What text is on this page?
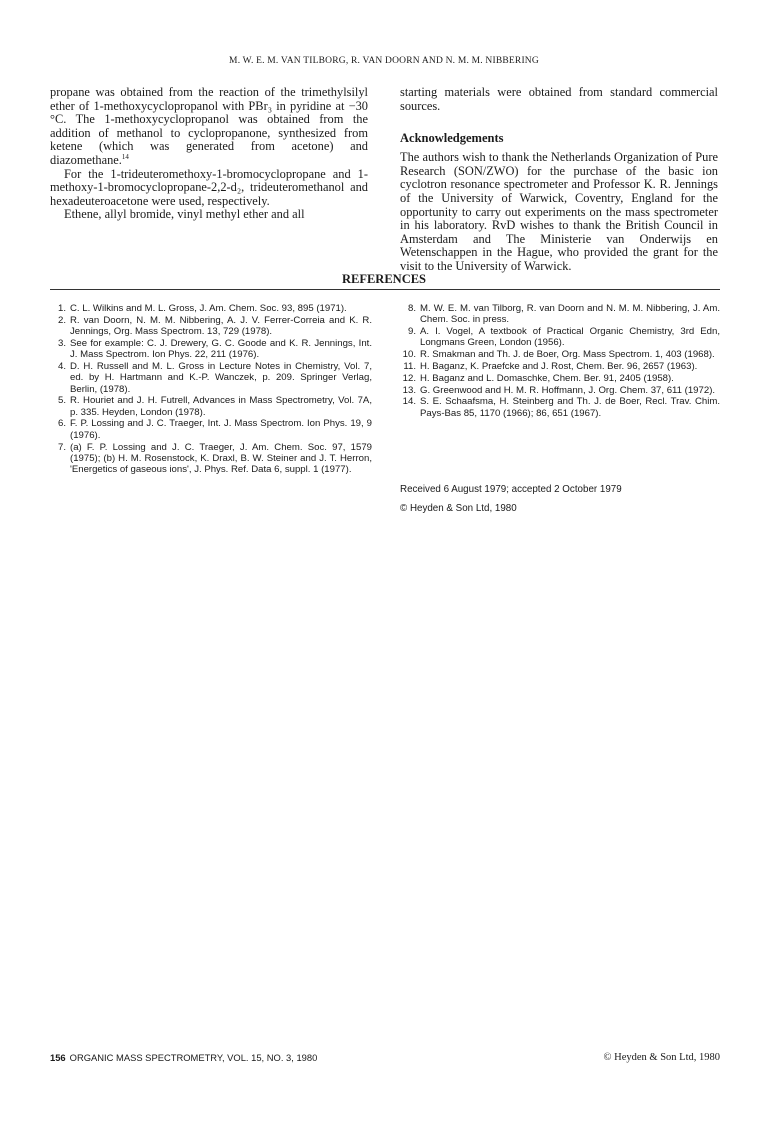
M. W. E. M. VAN TILBORG, R. VAN DOORN AND N. M. M. NIBBERING

propane was obtained from the reaction of the trimethylsilyl ether of 1-methoxycyclopropanol with PBr₃ in pyridine at −30 °C. The 1-methoxycyclopropanol was obtained from the addition of methanol to cyclopropanone, synthesized from ketene (which was generated from acetone) and diazomethane.$^{14}$

For the 1-trideuteromethoxy-1-bromocyclopropane and 1-methoxy-1-bromocyclopropane-2,2-d₂, trideuteromethanol and hexadeuteroacetone were used, respectively.

Ethene, allyl bromide, vinyl methyl ether and all

starting materials were obtained from standard commercial sources.

Acknowledgements

The authors wish to thank the Netherlands Organization of Pure Research (SON/ZWO) for the purchase of the basic ion cyclotron resonance spectrometer and Professor K. R. Jennings of the University of Warwick, Coventry, England for the opportunity to carry out experiments on the mass spectrometer in his laboratory. RvD wishes to thank the British Council in Amsterdam and The Ministerie van Onderwijs en Wetenschappen in the Hague, who provided the grant for the visit to the University of Warwick.

REFERENCES
1. C. L. Wilkins and M. L. Gross, J. Am. Chem. Soc. 93, 895 (1971).
2. R. van Doorn, N. M. M. Nibbering, A. J. V. Ferrer-Correia and K. R. Jennings, Org. Mass Spectrom. 13, 729 (1978).
3. See for example: C. J. Drewery, G. C. Goode and K. R. Jennings, Int. J. Mass Spectrom. Ion Phys. 22, 211 (1976).
4. D. H. Russell and M. L. Gross in Lecture Notes in Chemistry, Vol. 7, ed. by H. Hartmann and K.-P. Wanczek, p. 209. Springer Verlag, Berlin, (1978).
5. R. Houriet and J. H. Futrell, Advances in Mass Spectrometry, Vol. 7A, p. 335. Heyden, London (1978).
6. F. P. Lossing and J. C. Traeger, Int. J. Mass Spectrom. Ion Phys. 19, 9 (1976).
7. (a) F. P. Lossing and J. C. Traeger, J. Am. Chem. Soc. 97, 1579 (1975); (b) H. M. Rosenstock, K. Draxl, B. W. Steiner and J. T. Herron, 'Energetics of gaseous ions', J. Phys. Ref. Data 6, suppl. 1 (1977).
8. M. W. E. M. van Tilborg, R. van Doorn and N. M. M. Nibbering, J. Am. Chem. Soc. in press.
9. A. I. Vogel, A textbook of Practical Organic Chemistry, 3rd Edn, Longmans Green, London (1956).
10. R. Smakman and Th. J. de Boer, Org. Mass Spectrom. 1, 403 (1968).
11. H. Baganz, K. Praefcke and J. Rost, Chem. Ber. 96, 2657 (1963).
12. H. Baganz and L. Domaschke, Chem. Ber. 91, 2405 (1958).
13. G. Greenwood and H. M. R. Hoffmann, J. Org. Chem. 37, 611 (1972).
14. S. E. Schaafsma, H. Steinberg and Th. J. de Boer, Recl. Trav. Chim. Pays-Bas 85, 1170 (1966); 86, 651 (1967).
Received 6 August 1979; accepted 2 October 1979
© Heyden & Son Ltd, 1980
156 ORGANIC MASS SPECTROMETRY, VOL. 15, NO. 3, 1980	© Heyden & Son Ltd, 1980
